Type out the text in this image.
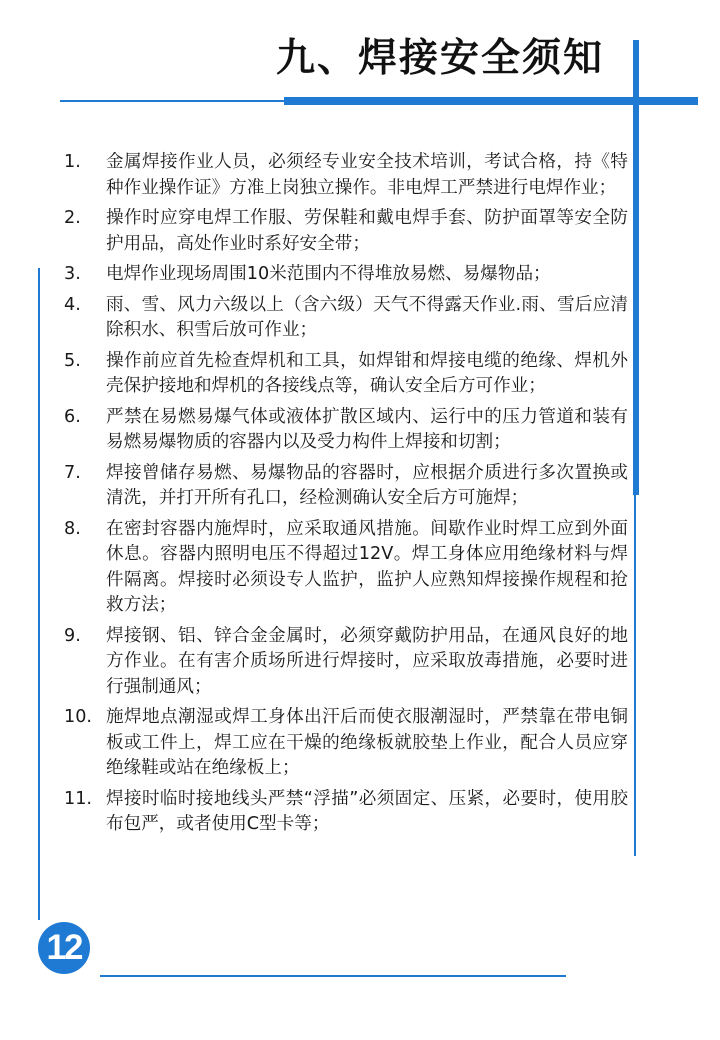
九、焊接安全须知
1.	金属焊接作业人员，必须经专业安全技术培训，考试合格，持《特种作业操作证》方准上岗独立操作。非电焊工严禁进行电焊作业；
2.	操作时应穿电焊工作服、劳保鞋和戴电焊手套、防护面罩等安全防护用品，高处作业时系好安全带；
3.	电焊作业现场周围10米范围内不得堆放易燃、易爆物品；
4.	雨、雪、风力六级以上（含六级）天气不得露天作业.雨、雪后应清除积水、积雪后放可作业；
5.	操作前应首先检查焊机和工具，如焊钳和焊接电缆的绝缘、焊机外壳保护接地和焊机的各接线点等，确认安全后方可作业；
6.	严禁在易燃易爆气体或液体扩散区域内、运行中的压力管道和装有易燃易爆物质的容器内以及受力构件上焊接和切割；
7.	焊接曾储存易燃、易爆物品的容器时，应根据介质进行多次置换或清洗，并打开所有孔口，经检测确认安全后方可施焊；
8.	在密封容器内施焊时，应采取通风措施。间歇作业时焊工应到外面休息。容器内照明电压不得超过12V。焊工身体应用绝缘材料与焊件隔离。焊接时必须设专人监护，监护人应熟知焊接操作规程和抢救方法；
9.	焊接钢、铝、锌合金金属时，必须穿戴防护用品，在通风良好的地方作业。在有害介质场所进行焊接时，应采取放毒措施，必要时进行强制通风；
10. 施焊地点潮湿或焊工身体出汗后而使衣服潮湿时，严禁靠在带电铜板或工件上，焊工应在干燥的绝缘板就胶垫上作业，配合人员应穿绝缘鞋或站在绝缘板上；
11. 焊接时临时接地线头严禁“浮描”必须固定、压紧，必要时，使用胶布包严，或者使用C型卡等；
12
